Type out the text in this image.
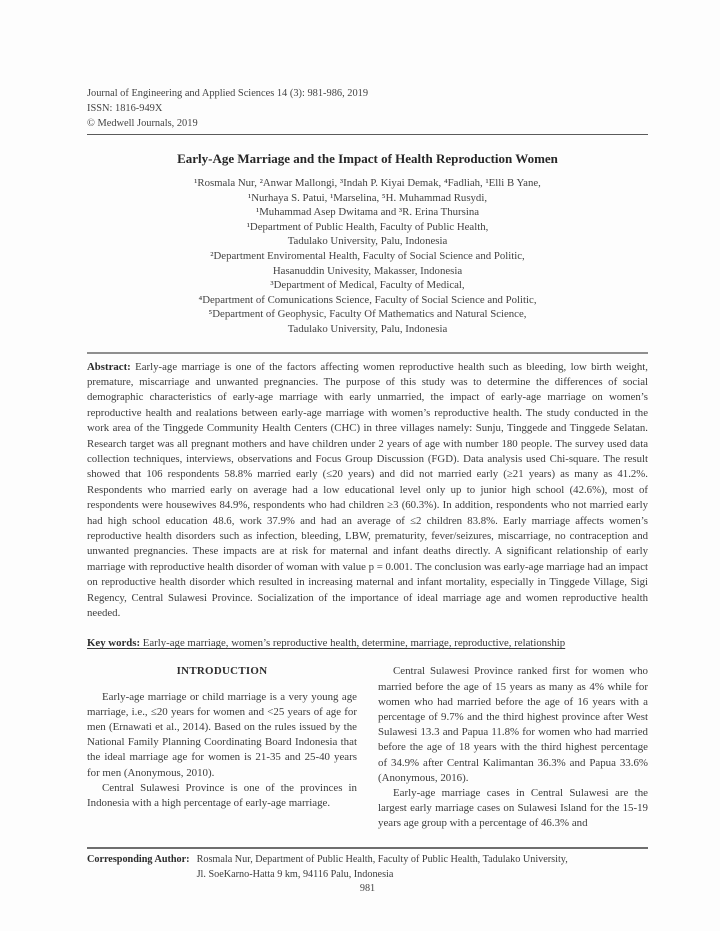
Journal of Engineering and Applied Sciences 14 (3): 981-986, 2019
ISSN: 1816-949X
© Medwell Journals, 2019
Early-Age Marriage and the Impact of Health Reproduction Women
¹Rosmala Nur, ²Anwar Mallongi, ³Indah P. Kiyai Demak, ⁴Fadliah, ¹Elli B Yane,
¹Nurhaya S. Patui, ¹Marselina, ⁵H. Muhammad Rusydi,
¹Muhammad Asep Dwitama and ³R. Erina Thursina
¹Department of Public Health, Faculty of Public Health,
Tadulako University, Palu, Indonesia
²Department Enviromental Health, Faculty of Social Science and Politic,
Hasanuddin Univesity, Makasser, Indonesia
³Department of Medical, Faculty of Medical,
⁴Department of Comunications Science, Faculty of Social Science and Politic,
⁵Department of Geophysic, Faculty Of Mathematics and Natural Science,
Tadulako University, Palu, Indonesia

Abstract: Early-age marriage is one of the factors affecting women reproductive health such as bleeding, low birth weight, premature, miscarriage and unwanted pregnancies. The purpose of this study was to determine the differences of social demographic characteristics of early-age marriage with early unmarried, the impact of early-age marriage on women’s reproductive health and realations between early-age marriage with women’s reproductive health. The study conducted in the work area of the Tinggede Community Health Centers (CHC) in three villages namely: Sunju, Tinggede and Tinggede Selatan. Research target was all pregnant mothers and have children under 2 years of age with number 180 people. The survey used data collection techniques, interviews, observations and Focus Group Discussion (FGD). Data analysis used Chi-square. The result showed that 106 respondents 58.8% married early (≤20 years) and did not married early (≥21 years) as many as 41.2%. Respondents who married early on average had a low educational level only up to junior high school (42.6%), most of respondents were housewives 84.9%, respondents who had children ≥3 (60.3%). In addition, respondents who not married early had high school education 48.6, work 37.9% and had an average of ≤2 children 83.8%. Early marriage affects women’s reproductive health disorders such as infection, bleeding, LBW, prematurity, fever/seizures, miscarriage, no contraception and unwanted pregnancies. These impacts are at risk for maternal and infant deaths directly. A significant relationship of early marriage with reproductive health disorder of woman with value p = 0.001. The conclusion was early-age marriage had an impact on reproductive health disorder which resulted in increasing maternal and infant mortality, especially in Tinggede Village, Sigi Regency, Central Sulawesi Province. Socialization of the importance of ideal marriage age and women reproductive health needed.

Key words: Early-age marriage, women’s reproductive health, determine, marriage, reproductive, relationship

INTRODUCTION
Early-age marriage or child marriage is a very young age marriage, i.e., ≤20 years for women and <25 years of age for men (Ernawati et al., 2014). Based on the rules issued by the National Family Planning Coordinating Board Indonesia that the ideal marriage age for women is 21-35 and 25-40 years for men (Anonymous, 2010).
Central Sulawesi Province is one of the provinces in Indonesia with a high percentage of early-age marriage.
Central Sulawesi Province ranked first for women who married before the age of 15 years as many as 4% while for women who had married before the age of 16 years with a percentage of 9.7% and the third highest province after West Sulawesi 13.3 and Papua 11.8% for women who had married before the age of 18 years with the third highest percentage of 34.9% after Central Kalimantan 36.3% and Papua 33.6% (Anonymous, 2016).
Early-age marriage cases in Central Sulawesi are the largest early marriage cases on Sulawesi Island for the 15-19 years age group with a percentage of 46.3% and
Corresponding Author: Rosmala Nur, Department of Public Health, Faculty of Public Health, Tadulako University,
Jl. SoeKarno-Hatta 9 km, 94116 Palu, Indonesia
981
